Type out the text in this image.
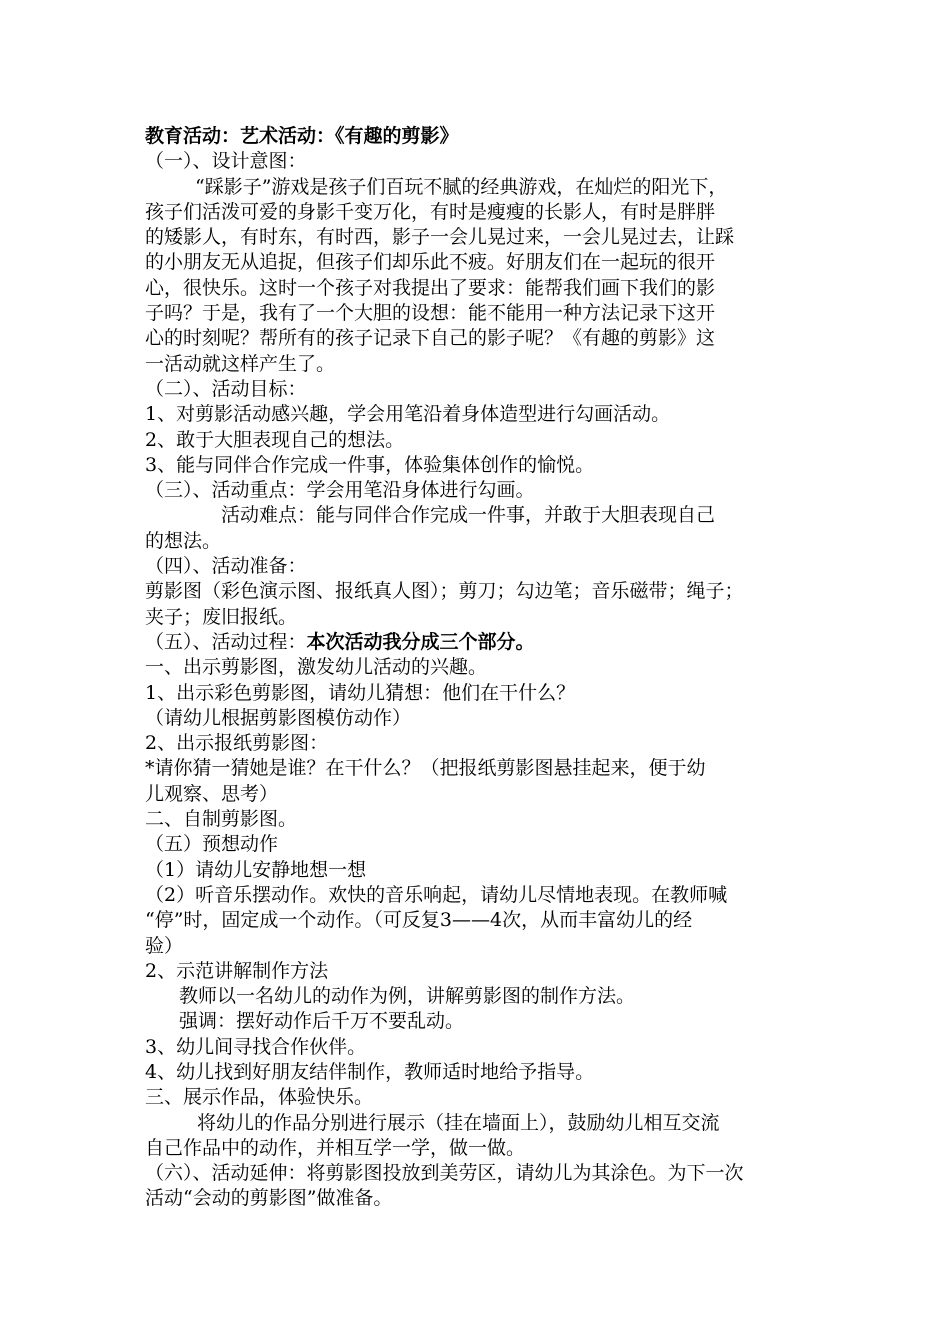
教育活动：艺术活动：《有趣的剪影》
（一）、设计意图：
“踩影子”游戏是孩子们百玩不腻的经典游戏，在灿烂的阳光下，
孩子们活泼可爱的身影千变万化，有时是瘦瘦的长影人，有时是胖胖
的矮影人，有时东，有时西，影子一会儿晃过来，一会儿晃过去，让踩
的小朋友无从追捉，但孩子们却乐此不疲。好朋友们在一起玩的很开
心，很快乐。这时一个孩子对我提出了要求：能帮我们画下我们的影
子吗？于是，我有了一个大胆的设想：能不能用一种方法记录下这开
心的时刻呢？帮所有的孩子记录下自己的影子呢？《有趣的剪影》这
一活动就这样产生了。
（二）、活动目标：
1、对剪影活动感兴趣，学会用笔沿着身体造型进行勾画活动。
2、敢于大胆表现自己的想法。
3、能与同伴合作完成一件事，体验集体创作的愉悦。
（三）、活动重点：学会用笔沿身体进行勾画。
活动难点：能与同伴合作完成一件事，并敢于大胆表现自己
的想法。
（四）、活动准备：
剪影图（彩色演示图、报纸真人图）；剪刀；勾边笔；音乐磁带；绳子；
夹子；废旧报纸。
（五）、活动过程：本次活动我分成三个部分。
一、出示剪影图，激发幼儿活动的兴趣。
1、出示彩色剪影图，请幼儿猜想：他们在干什么？
（请幼儿根据剪影图模仿动作）
2、出示报纸剪影图：
*请你猜一猜她是谁？在干什么？（把报纸剪影图悬挂起来，便于幼
儿观察、思考）
二、自制剪影图。
（五）预想动作
（1）请幼儿安静地想一想
（2）听音乐摆动作。欢快的音乐响起，请幼儿尽情地表现。在教师喊
“停”时，固定成一个动作。（可反复3——4次，从而丰富幼儿的经
验）
2、示范讲解制作方法
教师以一名幼儿的动作为例，讲解剪影图的制作方法。
强调：摆好动作后千万不要乱动。
3、幼儿间寻找合作伙伴。
4、幼儿找到好朋友结伴制作，教师适时地给予指导。
三、展示作品，体验快乐。
将幼儿的作品分别进行展示（挂在墙面上），鼓励幼儿相互交流
自己作品中的动作，并相互学一学，做一做。
（六）、活动延伸：将剪影图投放到美劳区，请幼儿为其涂色。为下一次
活动“会动的剪影图”做准备。
